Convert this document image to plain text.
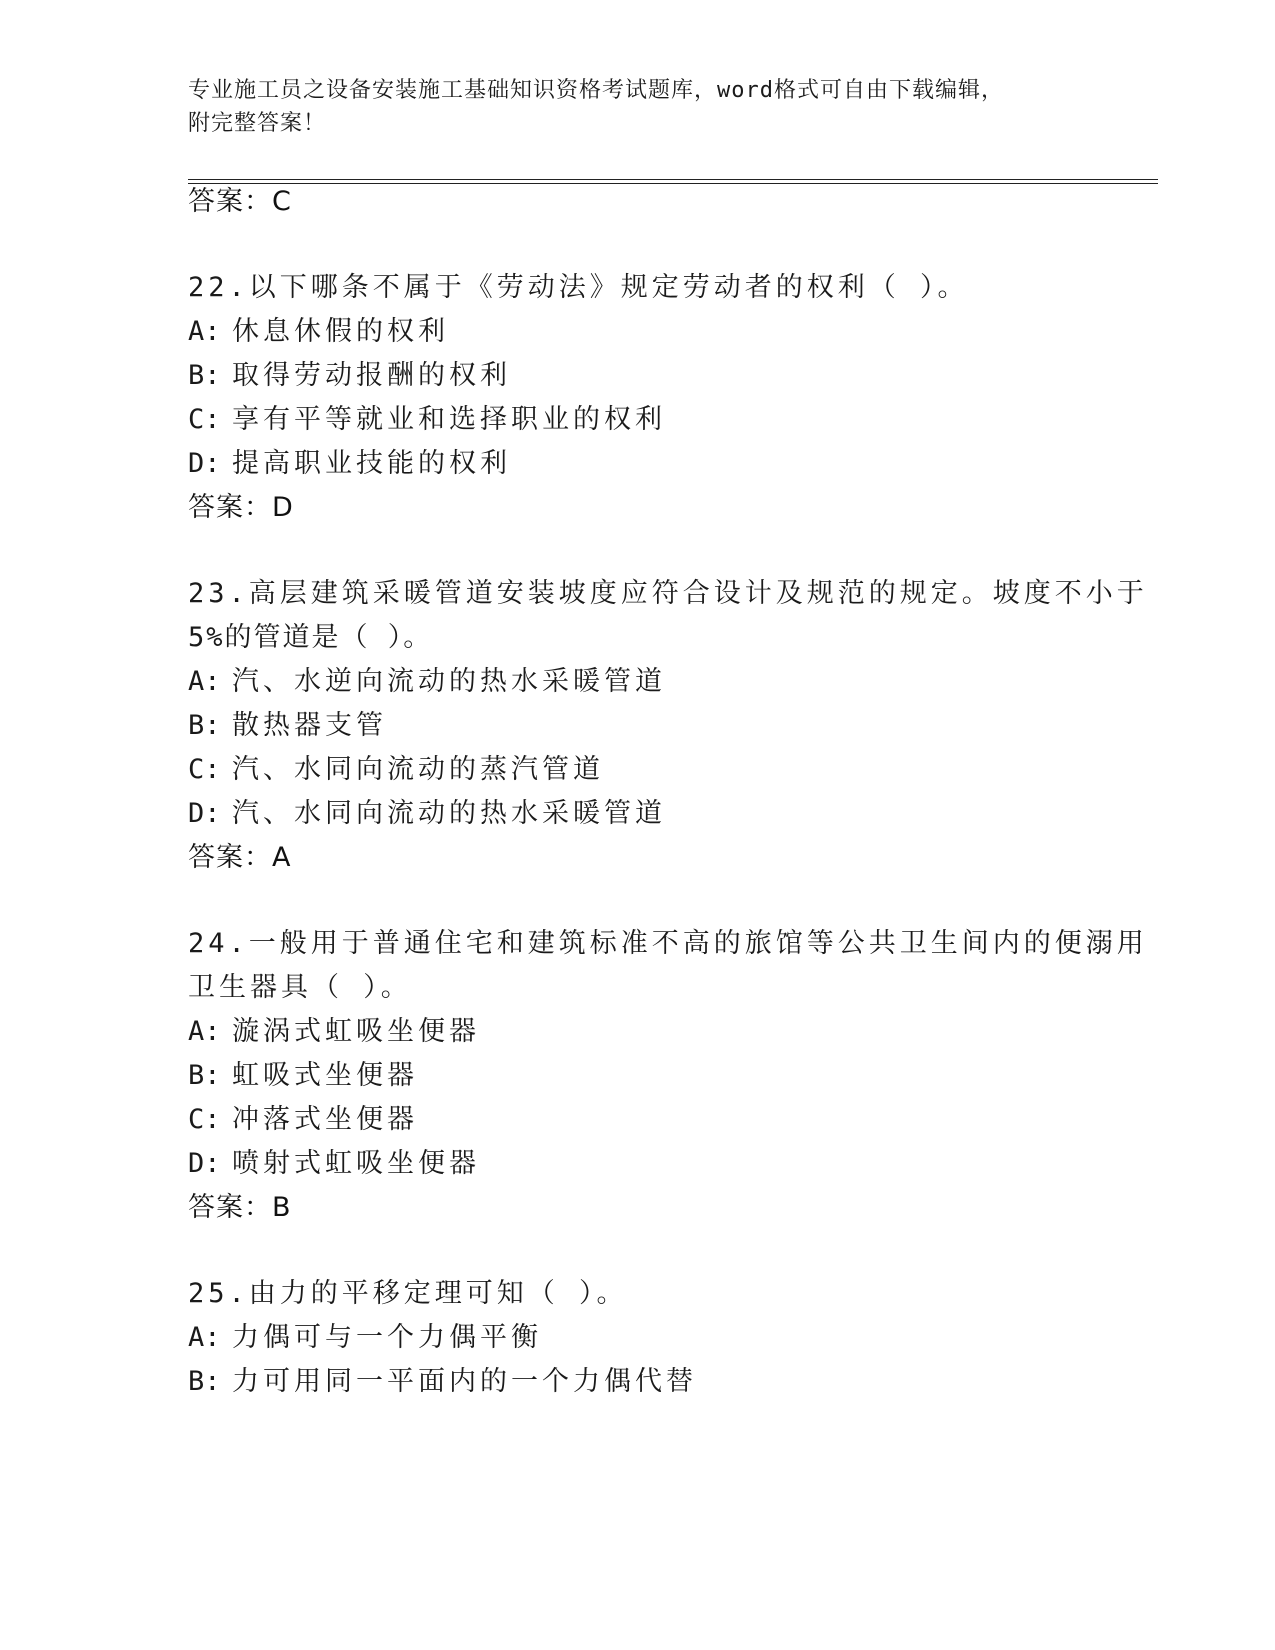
专业施工员之设备安装施工基础知识资格考试题库，word格式可自由下载编辑，
附完整答案！
答案：C
22.以下哪条不属于《劳动法》规定劳动者的权利（ ）。
A: 休息休假的权利
B: 取得劳动报酬的权利
C: 享有平等就业和选择职业的权利
D: 提高职业技能的权利
答案：D
23.高层建筑采暖管道安装坡度应符合设计及规范的规定。坡度不小于
5%的管道是（ ）。
A: 汽、水逆向流动的热水采暖管道
B: 散热器支管
C: 汽、水同向流动的蒸汽管道
D: 汽、水同向流动的热水采暖管道
答案：A
24.一般用于普通住宅和建筑标准不高的旅馆等公共卫生间内的便溺用
卫生器具（ ）。
A: 漩涡式虹吸坐便器
B: 虹吸式坐便器
C: 冲落式坐便器
D: 喷射式虹吸坐便器
答案：B
25.由力的平移定理可知（ ）。
A: 力偶可与一个力偶平衡
B: 力可用同一平面内的一个力偶代替
